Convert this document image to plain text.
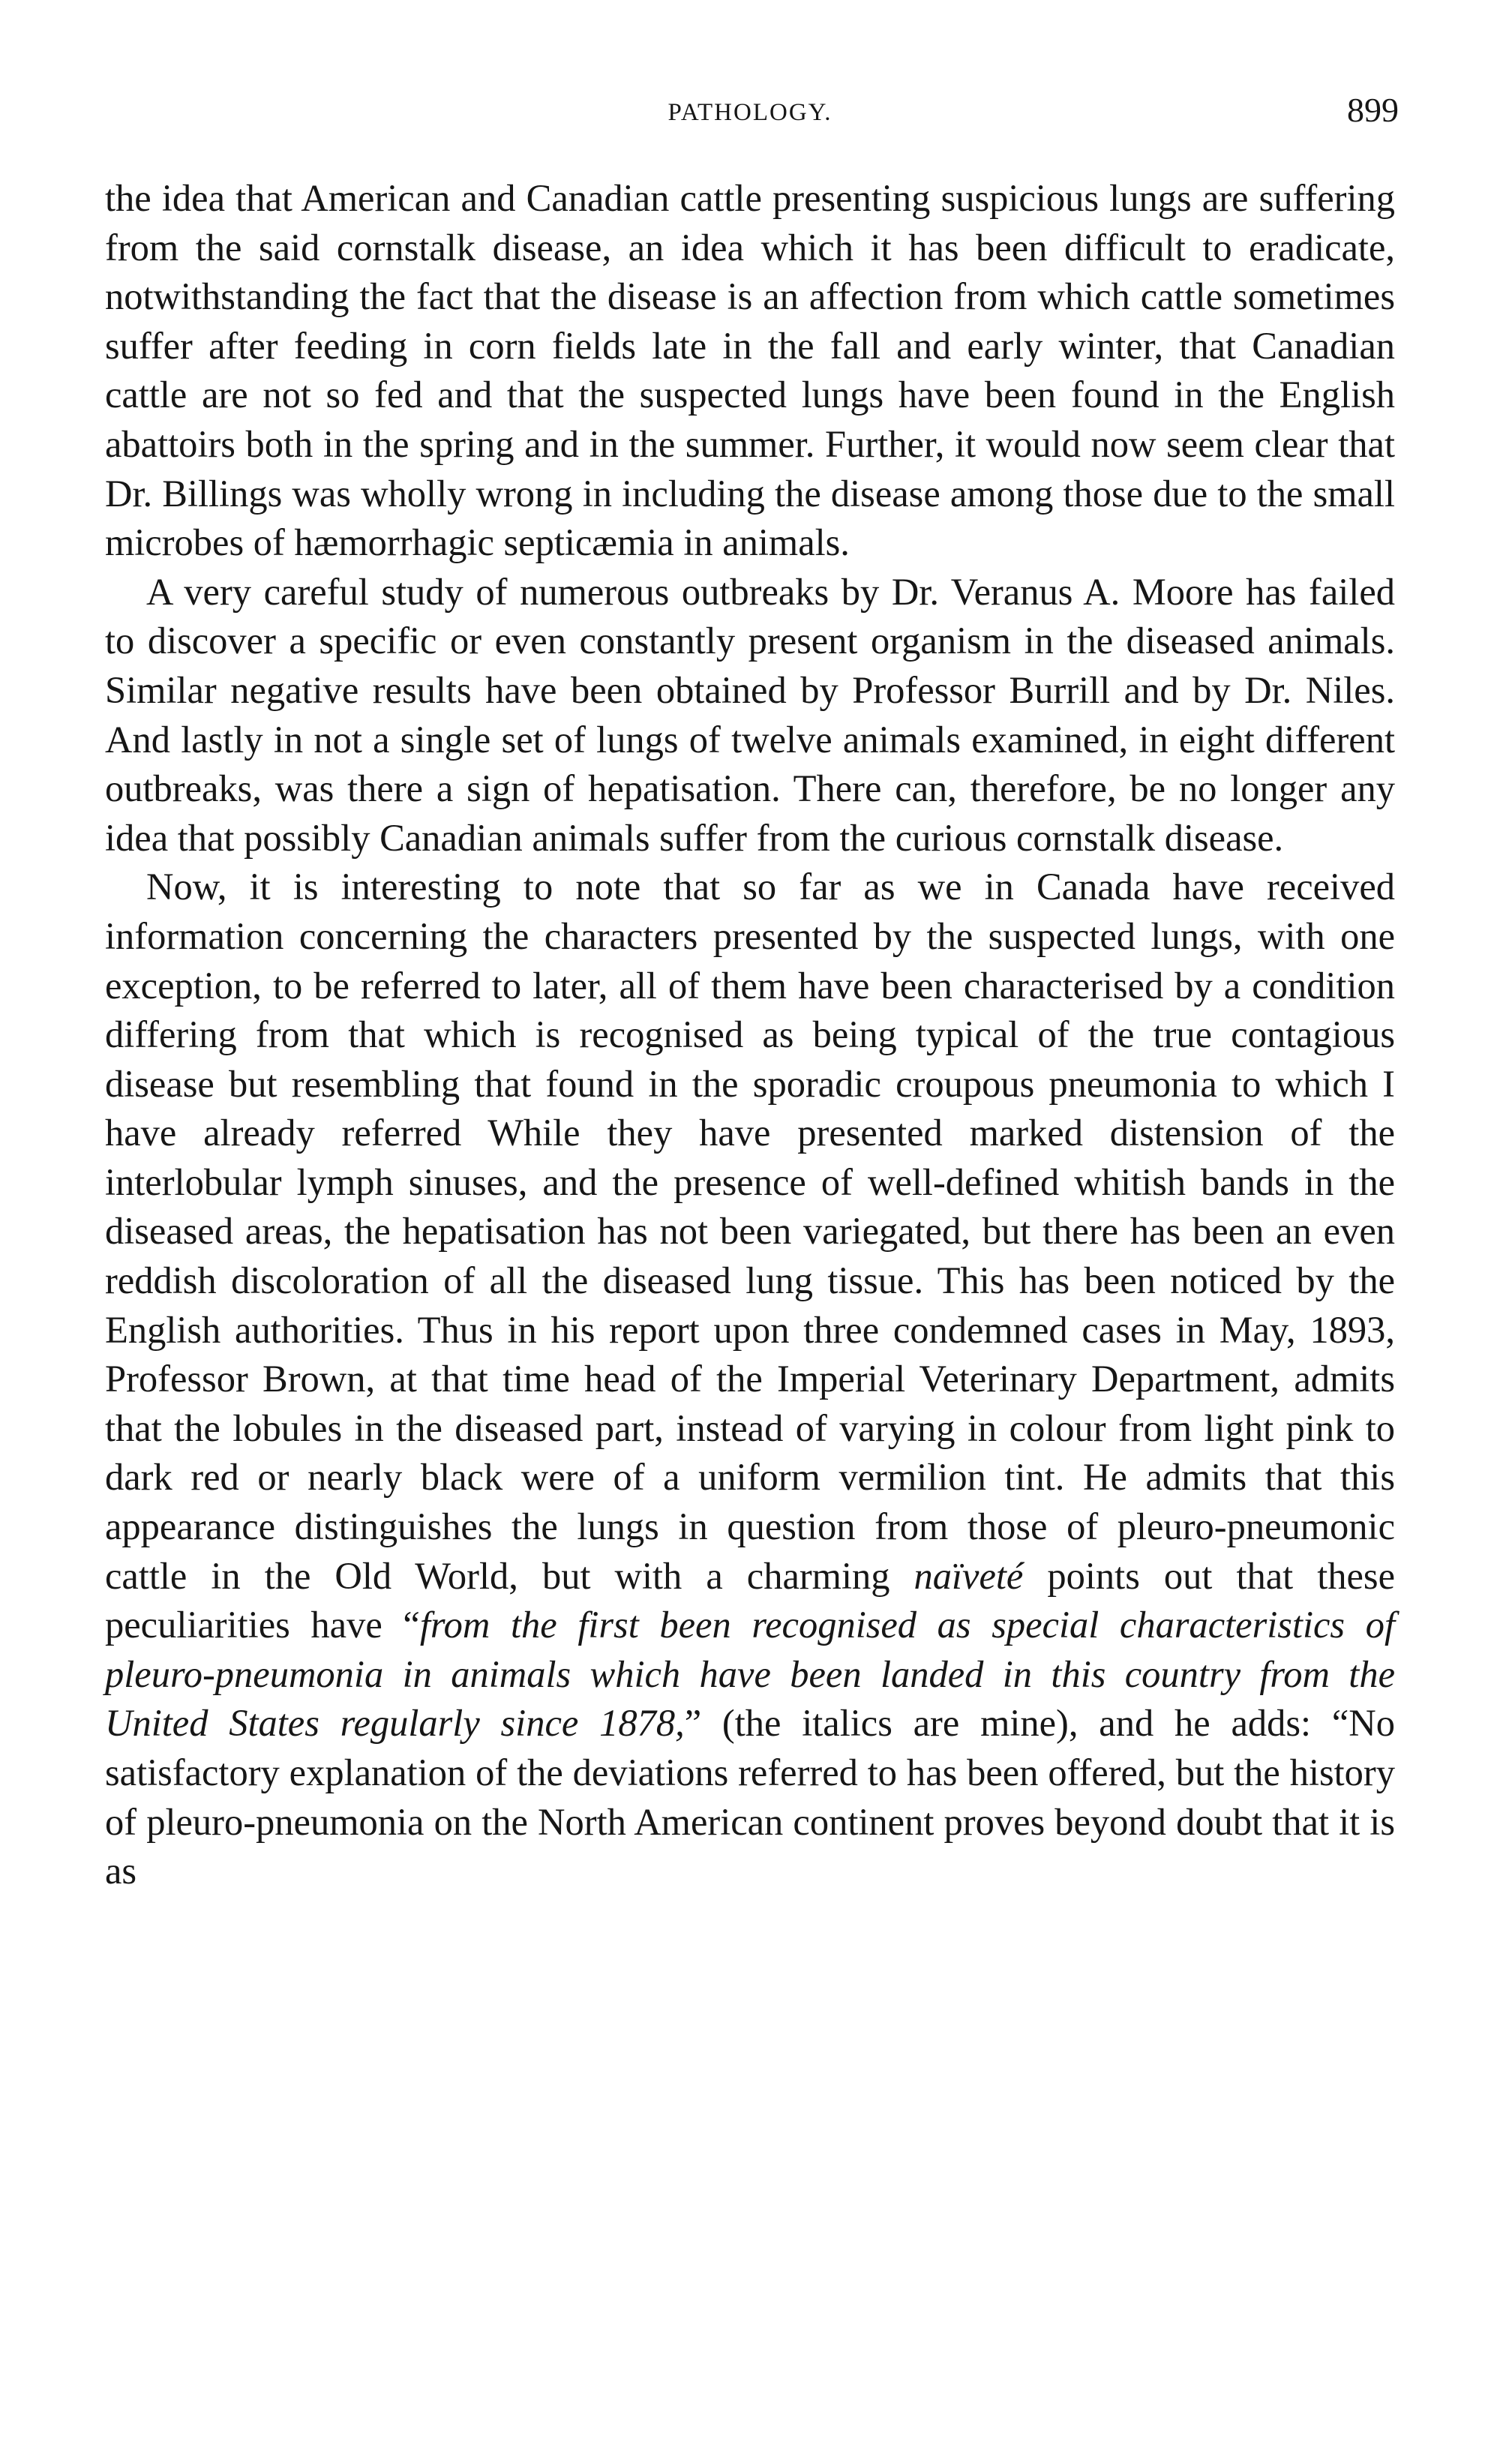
PATHOLOGY.	899

the idea that American and Canadian cattle presenting suspicious lungs are suffering from the said cornstalk disease, an idea which it has been difficult to eradicate, notwithstanding the fact that the disease is an affection from which cattle sometimes suffer after feeding in corn fields late in the fall and early winter, that Canadian cattle are not so fed and that the suspected lungs have been found in the English abattoirs both in the spring and in the summer. Further, it would now seem clear that Dr. Billings was wholly wrong in including the disease among those due to the small microbes of hæmorrhagic septicæmia in animals.

A very careful study of numerous outbreaks by Dr. Veranus A. Moore has failed to discover a specific or even constantly present organism in the diseased animals. Similar negative results have been obtained by Professor Burrill and by Dr. Niles. And lastly in not a single set of lungs of twelve animals examined, in eight different outbreaks, was there a sign of hepatisation. There can, therefore, be no longer any idea that possibly Canadian animals suffer from the curious cornstalk disease.

Now, it is interesting to note that so far as we in Canada have received information concerning the characters presented by the suspected lungs, with one exception, to be referred to later, all of them have been characterised by a condition differing from that which is recognised as being typical of the true contagious disease but resembling that found in the sporadic croupous pneumonia to which I have already referred While they have presented marked distension of the interlobular lymph sinuses, and the presence of well-defined whitish bands in the diseased areas, the hepatisation has not been variegated, but there has been an even reddish discoloration of all the diseased lung tissue. This has been noticed by the English authorities. Thus in his report upon three condemned cases in May, 1893, Professor Brown, at that time head of the Imperial Veterinary Department, admits that the lobules in the diseased part, instead of varying in colour from light pink to dark red or nearly black were of a uniform vermilion tint. He admits that this appearance distinguishes the lungs in question from those of pleuro-pneumonic cattle in the Old World, but with a charming naïveté points out that these peculiarities have “from the first been recognised as special characteristics of pleuro-pneumonia in animals which have been landed in this country from the United States regularly since 1878,” (the italics are mine), and he adds: “No satisfactory explanation of the deviations referred to has been offered, but the history of pleuro-pneumonia on the North American continent proves beyond doubt that it is as
